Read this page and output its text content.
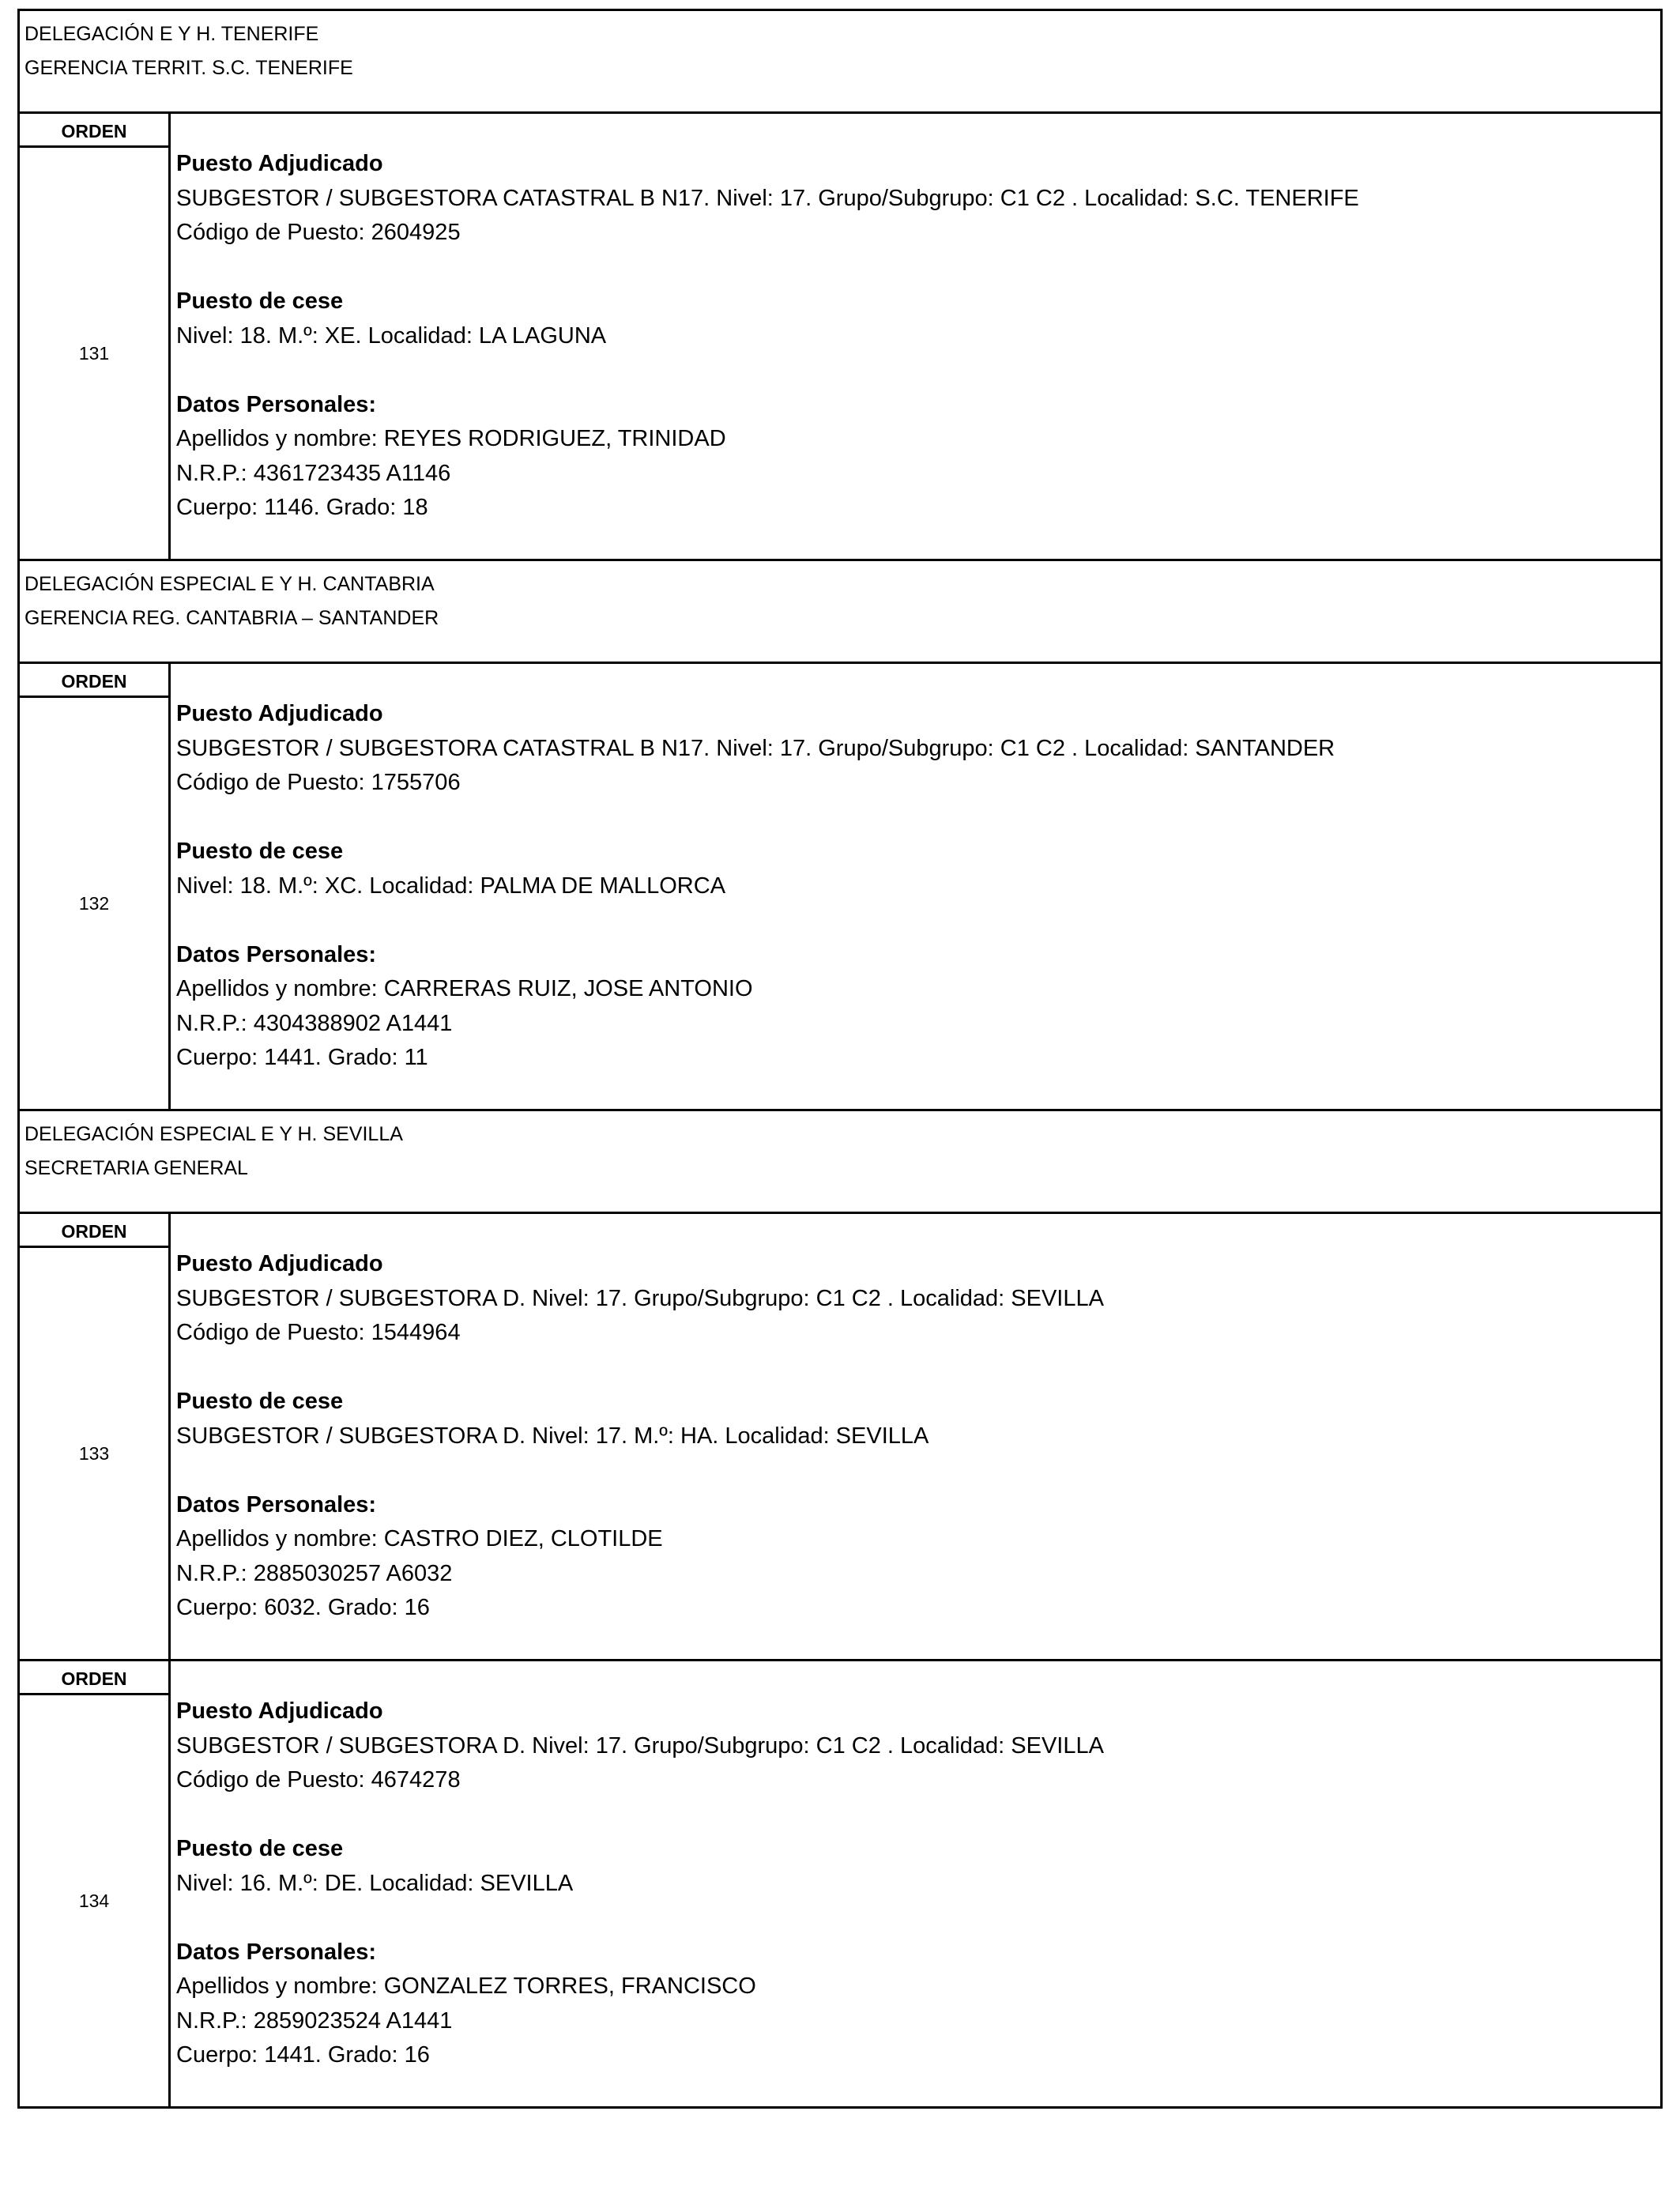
DELEGACIÓN E Y H. TENERIFE
GERENCIA TERRIT. S.C. TENERIFE
ORDEN
131
Puesto Adjudicado
SUBGESTOR / SUBGESTORA CATASTRAL B N17. Nivel: 17. Grupo/Subgrupo: C1 C2 . Localidad: S.C. TENERIFE
Código de Puesto: 2604925
Puesto de cese
Nivel: 18. M.º: XE. Localidad: LA LAGUNA
Datos Personales:
Apellidos y nombre: REYES RODRIGUEZ, TRINIDAD
N.R.P.: 4361723435 A1146
Cuerpo: 1146. Grado: 18
DELEGACIÓN ESPECIAL E Y H. CANTABRIA
GERENCIA REG. CANTABRIA – SANTANDER
ORDEN
132
Puesto Adjudicado
SUBGESTOR / SUBGESTORA CATASTRAL B N17. Nivel: 17. Grupo/Subgrupo: C1 C2 . Localidad: SANTANDER
Código de Puesto: 1755706
Puesto de cese
Nivel: 18. M.º: XC. Localidad: PALMA DE MALLORCA
Datos Personales:
Apellidos y nombre: CARRERAS RUIZ, JOSE ANTONIO
N.R.P.: 4304388902 A1441
Cuerpo: 1441. Grado: 11
DELEGACIÓN ESPECIAL E Y H. SEVILLA
SECRETARIA GENERAL
ORDEN
133
Puesto Adjudicado
SUBGESTOR / SUBGESTORA D. Nivel: 17. Grupo/Subgrupo: C1 C2 . Localidad: SEVILLA
Código de Puesto: 1544964
Puesto de cese
SUBGESTOR / SUBGESTORA D. Nivel: 17. M.º: HA. Localidad: SEVILLA
Datos Personales:
Apellidos y nombre: CASTRO DIEZ, CLOTILDE
N.R.P.: 2885030257 A6032
Cuerpo: 6032. Grado: 16
ORDEN
134
Puesto Adjudicado
SUBGESTOR / SUBGESTORA D. Nivel: 17. Grupo/Subgrupo: C1 C2 . Localidad: SEVILLA
Código de Puesto: 4674278
Puesto de cese
Nivel: 16. M.º: DE. Localidad: SEVILLA
Datos Personales:
Apellidos y nombre: GONZALEZ TORRES, FRANCISCO
N.R.P.: 2859023524 A1441
Cuerpo: 1441. Grado: 16
